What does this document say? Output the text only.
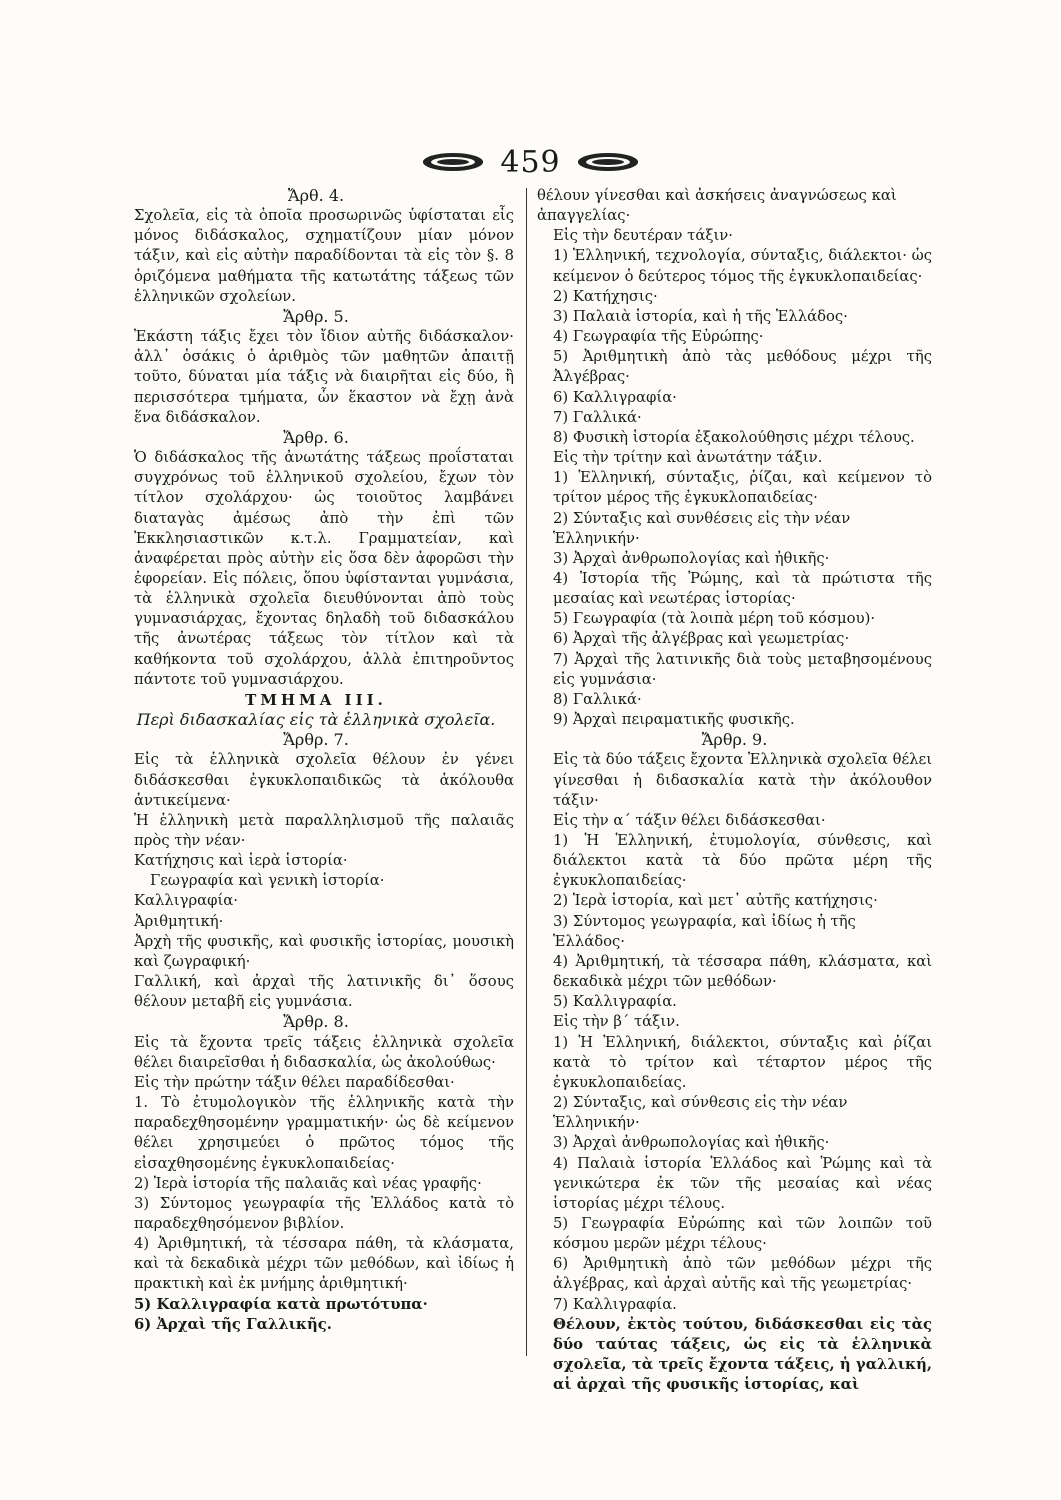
459

Ἄρθ. 4.

Σχολεῖα, εἰς τὰ ὁποῖα προσωρινῶς ὑφίσταται εἷς μόνος διδάσκαλος, σχηματίζουν μίαν μόνον τάξιν, καὶ εἰς αὐτὴν παραδίδονται τὰ εἰς τὸν §. 8 ὁριζόμενα μαθήματα τῆς κατωτάτης τάξεως τῶν ἑλληνικῶν σχολείων.

Ἄρθρ. 5.

Ἑκάστη τάξις ἔχει τὸν ἴδιον αὐτῆς διδάσκαλον· ἀλλ᾽ ὁσάκις ὁ ἀριθμὸς τῶν μαθητῶν ἀπαιτῇ τοῦτο, δύναται μία τάξις νὰ διαιρῆται εἰς δύο, ἢ περισσότερα τμήματα, ὧν ἕκαστον νὰ ἔχῃ ἀνὰ ἕνα διδάσκαλον.

Ἄρθρ. 6.

Ὁ διδάσκαλος τῆς ἀνωτάτης τάξεως προΐσταται συγχρόνως τοῦ ἑλληνικοῦ σχολείου, ἔχων τὸν τίτλον σχολάρχου· ὡς τοιοῦτος λαμβάνει διαταγὰς ἀμέσως ἀπὸ τὴν ἐπὶ τῶν Ἐκκλησιαστικῶν κ.τ.λ. Γραμματείαν, καὶ ἀναφέρεται πρὸς αὐτὴν εἰς ὅσα δὲν ἀφορῶσι τὴν ἐφορείαν. Εἰς πόλεις, ὅπου ὑφίστανται γυμνάσια, τὰ ἑλληνικὰ σχολεῖα διευθύνονται ἀπὸ τοὺς γυμνασιάρχας, ἔχοντας δηλαδὴ τοῦ διδασκάλου τῆς ἀνωτέρας τάξεως τὸν τίτλον καὶ τὰ καθήκοντα τοῦ σχολάρχου, ἀλλὰ ἐπιτηροῦντος πάντοτε τοῦ γυμνασιάρχου.

ΤΜΗΜΑ ΙΙΙ.

Περὶ διδασκαλίας εἰς τὰ ἑλληνικὰ σχολεῖα.

Ἄρθρ. 7.

Εἰς τὰ ἑλληνικὰ σχολεῖα θέλουν ἐν γένει διδάσκεσθαι ἐγκυκλοπαιδικῶς τὰ ἀκόλουθα ἀντικείμενα·

Ἡ ἑλληνικὴ μετὰ παραλληλισμοῦ τῆς παλαιᾶς πρὸς τὴν νέαν·

Κατήχησις καὶ ἱερὰ ἱστορία·

Γεωγραφία καὶ γενικὴ ἱστορία·

Καλλιγραφία·

Ἀριθμητική·

Ἀρχὴ τῆς φυσικῆς, καὶ φυσικῆς ἱστορίας, μουσικὴ καὶ ζωγραφική·

Γαλλική, καὶ ἀρχαὶ τῆς λατινικῆς δι᾽ ὅσους θέλουν μεταβῆ εἰς γυμνάσια.

Ἄρθρ. 8.

Εἰς τὰ ἔχοντα τρεῖς τάξεις ἑλληνικὰ σχολεῖα θέλει διαιρεῖσθαι ἡ διδασκαλία, ὡς ἀκολούθως·

Εἰς τὴν πρώτην τάξιν θέλει παραδίδεσθαι·

1. Τὸ ἐτυμολογικὸν τῆς ἑλληνικῆς κατὰ τὴν παραδεχθησομένην γραμματικήν· ὡς δὲ κείμενον θέλει χρησιμεύει ὁ πρῶτος τόμος τῆς εἰσαχθησομένης ἐγκυκλοπαιδείας·

2) Ἱερὰ ἱστορία τῆς παλαιᾶς καὶ νέας γραφῆς·

3) Σύντομος γεωγραφία τῆς Ἑλλάδος κατὰ τὸ παραδεχθησόμενον βιβλίον.

4) Ἀριθμητική, τὰ τέσσαρα πάθη, τὰ κλάσματα, καὶ τὰ δεκαδικὰ μέχρι τῶν μεθόδων, καὶ ἰδίως ἡ πρακτικὴ καὶ ἐκ μνήμης ἀριθμητική·

5) Καλλιγραφία κατὰ πρωτότυπα·

6) Ἀρχαὶ τῆς Γαλλικῆς.

θέλουν γίνεσθαι καὶ ἀσκήσεις ἀναγνώσεως καὶ ἀπαγγελίας·

Εἰς τὴν δευτέραν τάξιν·

1) Ἑλληνική, τεχνολογία, σύνταξις, διάλεκτοι· ὡς κείμενον ὁ δεύτερος τόμος τῆς ἐγκυκλοπαιδείας·

2) Κατήχησις·

3) Παλαιὰ ἱστορία, καὶ ἡ τῆς Ἑλλάδος·

4) Γεωγραφία τῆς Εὐρώπης·

5) Ἀριθμητικὴ ἀπὸ τὰς μεθόδους μέχρι τῆς Ἀλγέβρας·

6) Καλλιγραφία·

7) Γαλλικά·

8) Φυσικὴ ἱστορία ἐξακολούθησις μέχρι τέλους.

Εἰς τὴν τρίτην καὶ ἀνωτάτην τάξιν.

1) Ἑλληνική, σύνταξις, ῥίζαι, καὶ κείμενον τὸ τρίτον μέρος τῆς ἐγκυκλοπαιδείας·

2) Σύνταξις καὶ συνθέσεις εἰς τὴν νέαν Ἑλληνικήν·

3) Ἀρχαὶ ἀνθρωπολογίας καὶ ἠθικῆς·

4) Ἱστορία τῆς Ῥώμης, καὶ τὰ πρώτιστα τῆς μεσαίας καὶ νεωτέρας ἱστορίας·

5) Γεωγραφία (τὰ λοιπὰ μέρη τοῦ κόσμου)·

6) Ἀρχαὶ τῆς ἀλγέβρας καὶ γεωμετρίας·

7) Ἀρχαὶ τῆς λατινικῆς διὰ τοὺς μεταβησομένους εἰς γυμνάσια·

8) Γαλλικά·

9) Ἀρχαὶ πειραματικῆς φυσικῆς.

Ἄρθρ. 9.

Εἰς τὰ δύο τάξεις ἔχοντα Ἑλληνικὰ σχολεῖα θέλει γίνεσθαι ἡ διδασκαλία κατὰ τὴν ἀκόλουθον τάξιν·

Εἰς τὴν α΄ τάξιν θέλει διδάσκεσθαι·

1) Ἡ Ἑλληνική, ἐτυμολογία, σύνθεσις, καὶ διάλεκτοι κατὰ τὰ δύο πρῶτα μέρη τῆς ἐγκυκλοπαιδείας·

2) Ἱερὰ ἱστορία, καὶ μετ᾽ αὐτῆς κατήχησις·

3) Σύντομος γεωγραφία, καὶ ἰδίως ἡ τῆς Ἑλλάδος·

4) Ἀριθμητική, τὰ τέσσαρα πάθη, κλάσματα, καὶ δεκαδικὰ μέχρι τῶν μεθόδων·

5) Καλλιγραφία.

Εἰς τὴν β΄ τάξιν.

1) Ἡ Ἑλληνική, διάλεκτοι, σύνταξις καὶ ῥίζαι κατὰ τὸ τρίτον καὶ τέταρτον μέρος τῆς ἐγκυκλοπαιδείας.

2) Σύνταξις, καὶ σύνθεσις εἰς τὴν νέαν Ἑλληνικήν·

3) Ἀρχαὶ ἀνθρωπολογίας καὶ ἠθικῆς·

4) Παλαιὰ ἱστορία Ἑλλάδος καὶ Ῥώμης καὶ τὰ γενικώτερα ἐκ τῶν τῆς μεσαίας καὶ νέας ἱστορίας μέχρι τέλους.

5) Γεωγραφία Εὐρώπης καὶ τῶν λοιπῶν τοῦ κόσμου μερῶν μέχρι τέλους·

6) Ἀριθμητικὴ ἀπὸ τῶν μεθόδων μέχρι τῆς ἀλγέβρας, καὶ ἀρχαὶ αὐτῆς καὶ τῆς γεωμετρίας·

7) Καλλιγραφία.

Θέλουν, ἐκτὸς τούτου, διδάσκεσθαι εἰς τὰς δύο ταύτας τάξεις, ὡς εἰς τὰ ἑλληνικὰ σχολεῖα, τὰ τρεῖς ἔχοντα τάξεις, ἡ γαλλική, αἱ ἀρχαὶ τῆς φυσικῆς ἱστορίας, καὶ
